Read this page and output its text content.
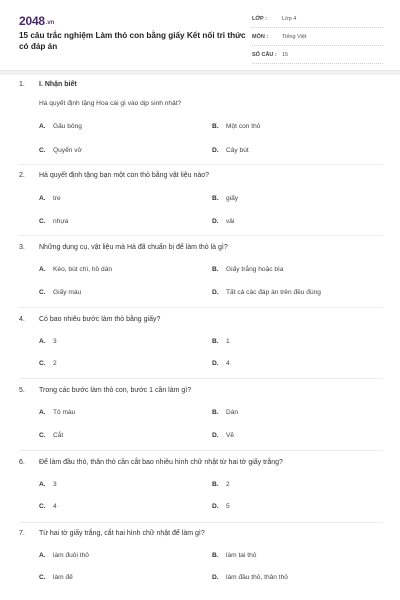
2048.vn
15 câu trắc nghiệm Làm thỏ con bằng giấy Kết nối tri thức có đáp án
LỚP :	Lớp 4
MÔN :	Tiếng Việt
SỐ CÂU : 15
1. I. Nhận biết
Hà quyết định tặng Hoa cái gì vào dịp sinh nhật?
A. Gấu bông	B. Một con thỏ
C. Quyển vở	D. Cây bút
2. Hà quyết định tặng bạn một con thỏ bằng vật liệu nào?
A. tre	B. giấy
C. nhựa	D. vải
3. Những dụng cụ, vật liệu mà Hà đã chuẩn bị để làm thỏ là gì?
A. Kéo, bút chì, hồ dán	B. Giấy trắng hoặc bìa
C. Giấy màu	D. Tất cả các đáp án trên đều đúng
4. Có bao nhiêu bước làm thỏ bằng giấy?
A. 3	B. 1
C. 2	D. 4
5. Trong các bước làm thỏ con, bước 1 cần làm gì?
A. Tô màu	B. Dán
C. Cắt	D. Vẽ
6. Để làm đầu thỏ, thân thỏ cần cắt bao nhiêu hình chữ nhật từ hai tờ giấy trắng?
A. 3	B. 2
C. 4	D. 5
7. Từ hai tờ giấy trắng, cắt hai hình chữ nhật để làm gì?
A. làm đuôi thỏ	B. làm tai thỏ
C. làm đế	D. làm đầu thỏ, thân thỏ
